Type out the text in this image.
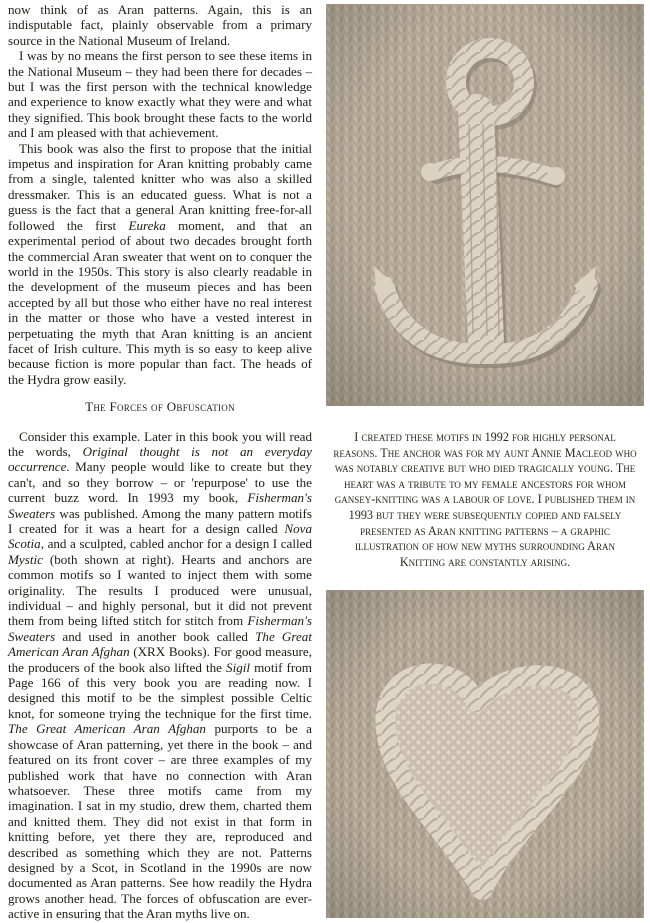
now think of as Aran patterns. Again, this is an indisputable fact, plainly observable from a primary source in the National Museum of Ireland.

I was by no means the first person to see these items in the National Museum – they had been there for decades – but I was the first person with the technical knowledge and experience to know exactly what they were and what they signified. This book brought these facts to the world and I am pleased with that achievement.

This book was also the first to propose that the initial impetus and inspiration for Aran knitting probably came from a single, talented knitter who was also a skilled dressmaker. This is an educated guess. What is not a guess is the fact that a general Aran knitting free-for-all followed the first Eureka moment, and that an experimental period of about two decades brought forth the commercial Aran sweater that went on to conquer the world in the 1950s. This story is also clearly readable in the development of the museum pieces and has been accepted by all but those who either have no real interest in the matter or those who have a vested interest in perpetuating the myth that Aran knitting is an ancient facet of Irish culture. This myth is so easy to keep alive because fiction is more popular than fact. The heads of the Hydra grow easily.

The Forces of Obfuscation

Consider this example. Later in this book you will read the words, Original thought is not an everyday occurrence. Many people would like to create but they can't, and so they borrow – or 'repurpose' to use the current buzz word. In 1993 my book, Fisherman's Sweaters was published. Among the many pattern motifs I created for it was a heart for a design called Nova Scotia, and a sculpted, cabled anchor for a design I called Mystic (both shown at right). Hearts and anchors are common motifs so I wanted to inject them with some originality. The results I produced were unusual, individual – and highly personal, but it did not prevent them from being lifted stitch for stitch from Fisherman's Sweaters and used in another book called The Great American Aran Afghan (XRX Books). For good measure, the producers of the book also lifted the Sigil motif from Page 166 of this very book you are reading now. I designed this motif to be the simplest possible Celtic knot, for someone trying the technique for the first time. The Great American Aran Afghan purports to be a showcase of Aran patterning, yet there in the book – and featured on its front cover – are three examples of my published work that have no connection with Aran whatsoever. These three motifs came from my imagination. I sat in my studio, drew them, charted them and knitted them. They did not exist in that form in knitting before, yet there they are, reproduced and described as something which they are not. Patterns designed by a Scot, in Scotland in the 1990s are now documented as Aran patterns. See how readily the Hydra grows another head. The forces of obfuscation are ever-active in ensuring that the Aran myths live on.

I created these motifs in 1992 for highly personal reasons. The anchor was for my aunt Annie Macleod who was notably creative but who died tragically young. The heart was a tribute to my female ancestors for whom gansey-knitting was a labour of love. I published them in 1993 but they were subsequently copied and falsely presented as Aran knitting patterns – a graphic illustration of how new myths surrounding Aran Knitting are constantly arising.
